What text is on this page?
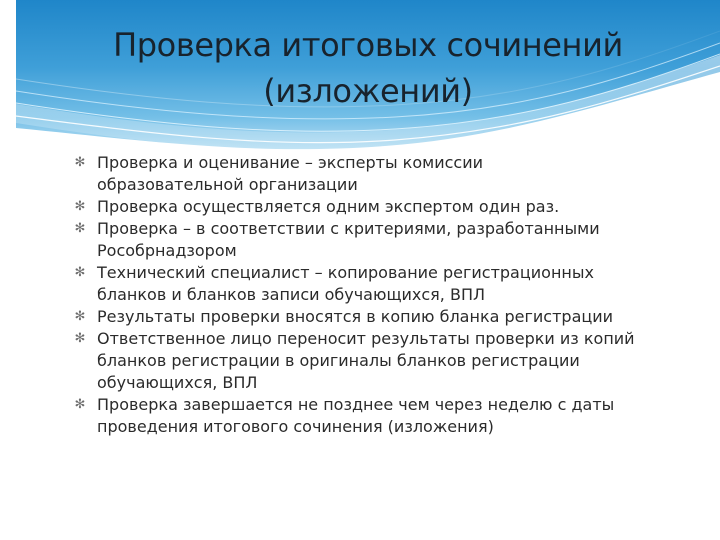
Проверка итоговых сочинений
(изложений)
✻ Проверка и оценивание – эксперты комиссии
образовательной организации
✻ Проверка осуществляется одним экспертом один раз.
✻ Проверка – в соответствии с критериями, разработанными
Рособрнадзором
✻ Технический специалист – копирование регистрационных
бланков и бланков записи обучающихся, ВПЛ
✻ Результаты проверки вносятся в копию бланка регистрации
✻ Ответственное лицо переносит результаты проверки из копий
бланков регистрации в оригиналы бланков регистрации
обучающихся, ВПЛ
✻ Проверка завершается не позднее чем через неделю с даты
проведения итогового сочинения (изложения)
